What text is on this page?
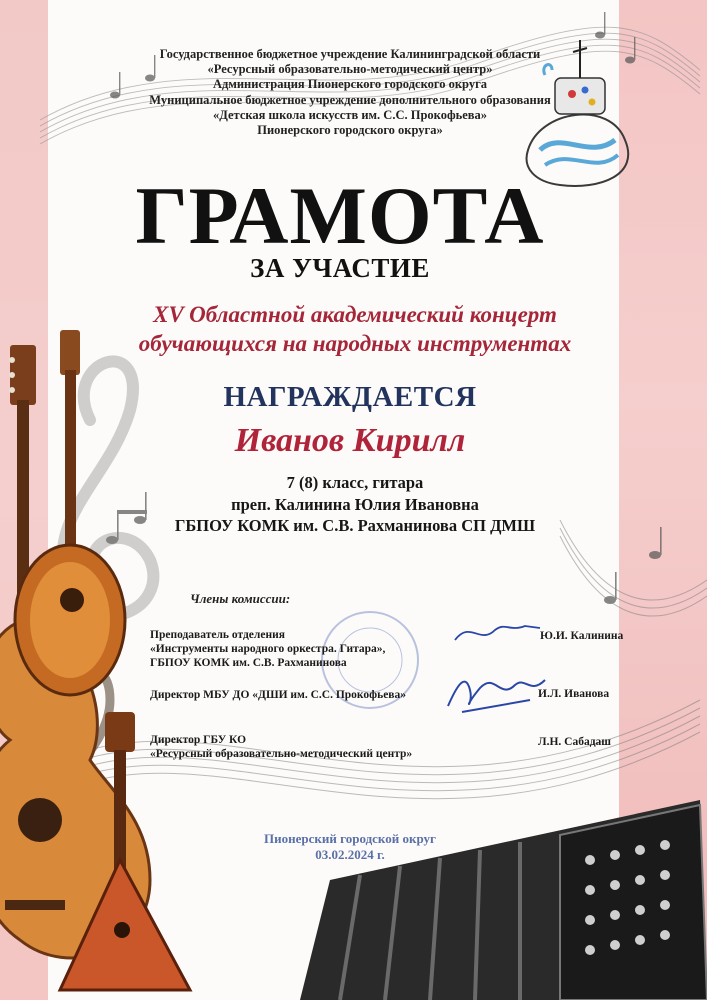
Государственное бюджетное учреждение Калининградской области
«Ресурсный образовательно-методический центр»
Администрация Пионерского городского округа
Муниципальное бюджетное учреждение дополнительного образования
«Детская школа искусств им. С.С. Прокофьева»
Пионерского городского округа»
ГРАМОТА
ЗА УЧАСТИЕ
XV Областной академический концерт
обучающихся на народных инструментах
НАГРАЖДАЕТСЯ
Иванов Кирилл
7 (8) класс, гитара
преп. Калинина Юлия Ивановна
ГБПОУ КОМК им. С.В. Рахманинова СП ДМШ
Члены комиссии:
Преподаватель отделения
«Инструменты народного оркестра. Гитара»,
ГБПОУ КОМК им. С.В. Рахманинова
Ю.И. Калинина
Директор МБУ ДО «ДШИ им. С.С. Прокофьева»	И.Л. Иванова
Директор ГБУ КО
«Ресурсный образовательно-методический центр»
Л.Н. Сабадаш
Пионерский городской округ
03.02.2024 г.
